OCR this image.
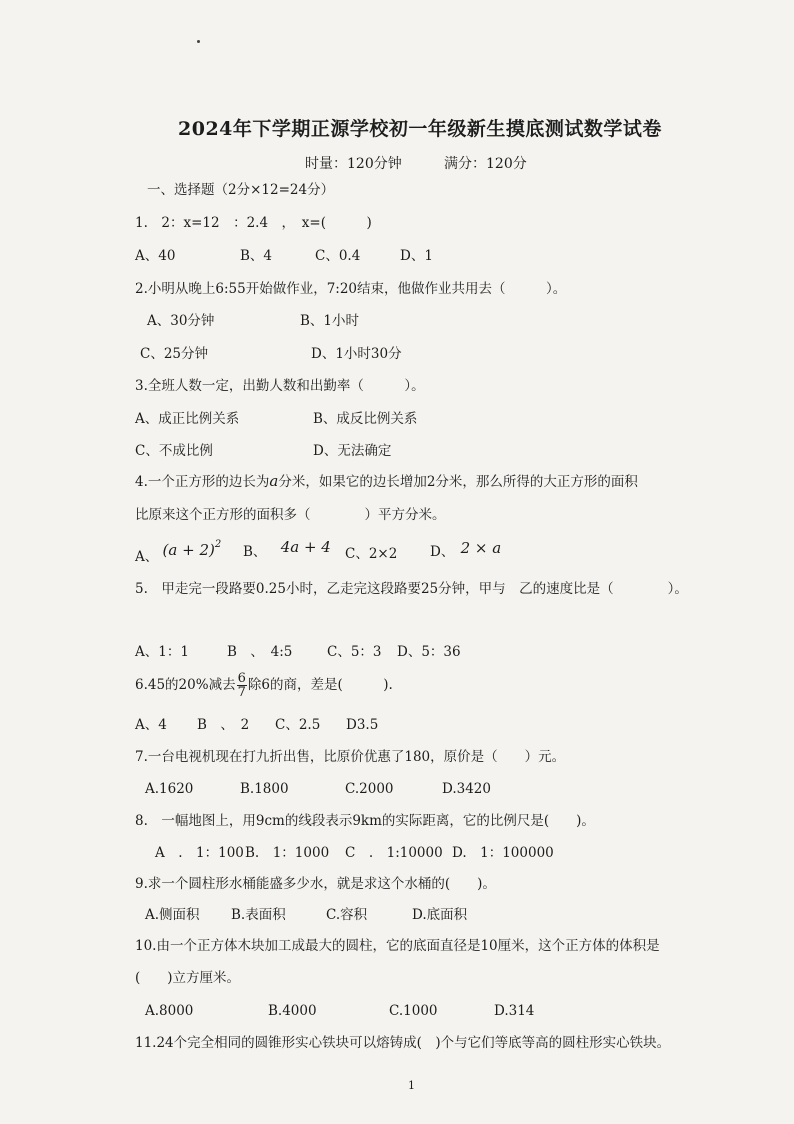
2024年下学期正源学校初一年级新生摸底测试数学试卷
时量：120分钟	满分：120分
一、选择题（2分×12=24分）
1.　2：x=12　：2.4　，　x=(　　　)
A、40	B、4	C、0.4	D、1
2.小明从晚上6:55开始做作业，7:20结束，他做作业共用去（　　　）。
A、30分钟	B、1小时
C、25分钟	D、1小时30分
3.全班人数一定，出勤人数和出勤率（　　　）。
A、成正比例关系	B、成反比例关系
C、不成比例	D、无法确定
4.一个正方形的边长为a分米，如果它的边长增加2分米，那么所得的大正方形的面积
比原来这个正方形的面积多（　　　　）平方分米。
A、 $(a + 2)^2$ B、 4a + 4 C、2×2 D、 2 × a
5.　甲走完一段路要0.25小时，乙走完这段路要25分钟，甲与　乙的速度比是（　　　　）。
A、1：1	B　、　4:5	C、5：3 D、5：36
6.45的20%减去 $\frac{6}{7}$ 除6的商，差是(　　　).
A、4 B　、　2 C、2.5 D3.5
7.一台电视机现在打九折出售，比原价优惠了180，原价是（　　）元。
A.1620	B.1800	C.2000	D.3420
8.　一幅地图上，用9cm的线段表示9km的实际距离，它的比例尺是(　　)。
A　.　1：100 B.　1：1000 C　.　1:10000 D.　1：100000
9.求一个圆柱形水桶能盛多少水，就是求这个水桶的(　　)。
A.侧面积 B.表面积	C.容积	D.底面积
10.由一个正方体木块加工成最大的圆柱，它的底面直径是10厘米，这个正方体的体积是
(　　)立方厘米。
A.8000	B.4000	C.1000	D.314
11.24个完全相同的圆锥形实心铁块可以熔铸成(　)个与它们等底等高的圆柱形实心铁块。
1
